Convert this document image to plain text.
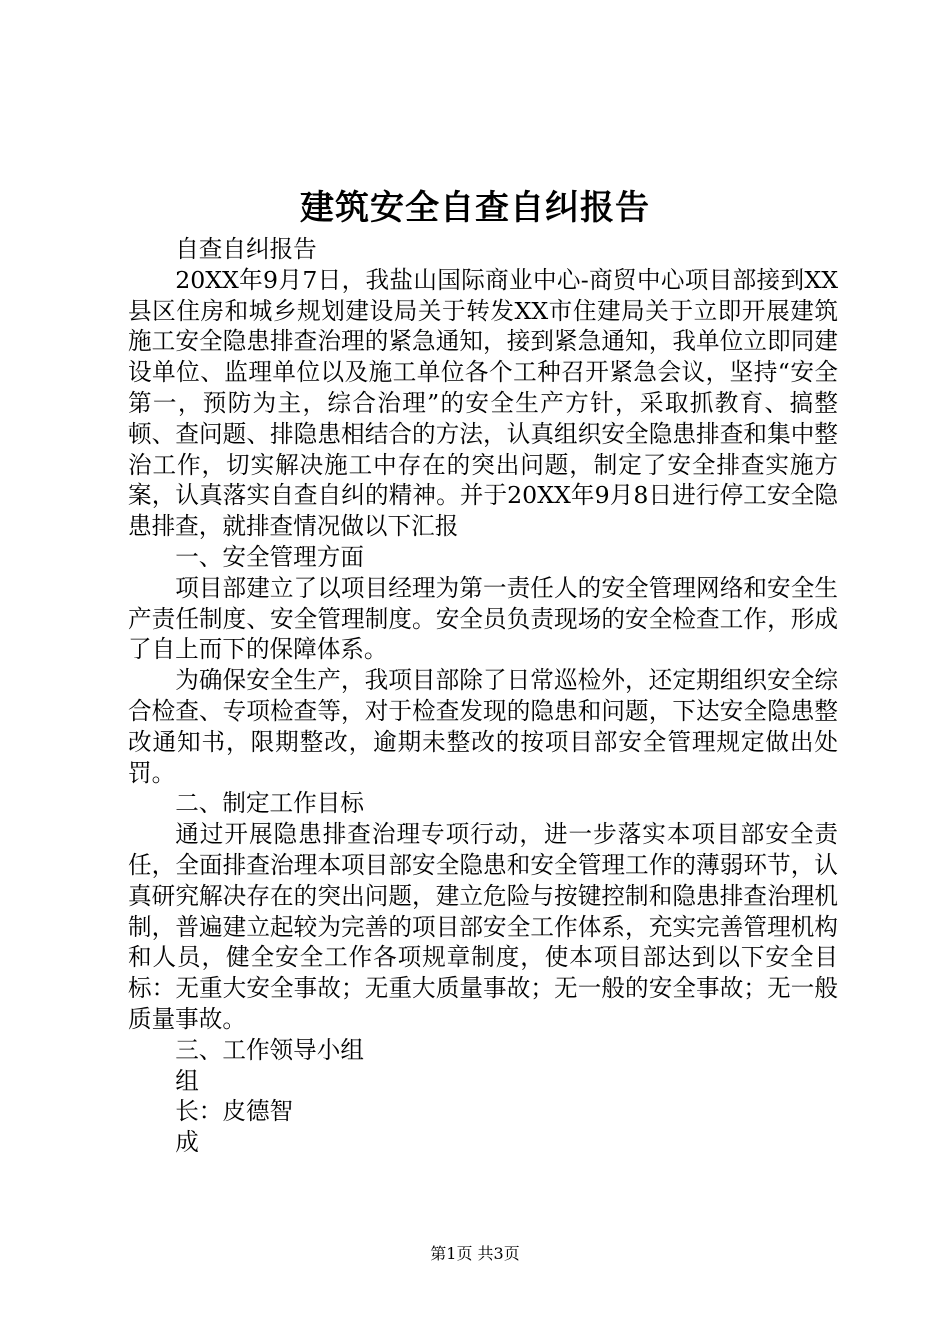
建筑安全自查自纠报告

自查自纠报告

20XX年9月7日，我盐山国际商业中心-商贸中心项目部接到XX县区住房和城乡规划建设局关于转发XX市住建局关于立即开展建筑施工安全隐患排查治理的紧急通知，接到紧急通知，我单位立即同建设单位、监理单位以及施工单位各个工种召开紧急会议，坚持“安全第一，预防为主，综合治理”的安全生产方针，采取抓教育、搞整顿、查问题、排隐患相结合的方法，认真组织安全隐患排查和集中整治工作，切实解决施工中存在的突出问题，制定了安全排查实施方案，认真落实自查自纠的精神。并于20XX年9月8日进行停工安全隐患排查，就排查情况做以下汇报

一、安全管理方面

项目部建立了以项目经理为第一责任人的安全管理网络和安全生产责任制度、安全管理制度。安全员负责现场的安全检查工作，形成了自上而下的保障体系。

为确保安全生产，我项目部除了日常巡检外，还定期组织安全综合检查、专项检查等，对于检查发现的隐患和问题，下达安全隐患整改通知书，限期整改，逾期未整改的按项目部安全管理规定做出处罚。

二、制定工作目标

通过开展隐患排查治理专项行动，进一步落实本项目部安全责任，全面排查治理本项目部安全隐患和安全管理工作的薄弱环节，认真研究解决存在的突出问题，建立危险与按键控制和隐患排查治理机制，普遍建立起较为完善的项目部安全工作体系，充实完善管理机构和人员，健全安全工作各项规章制度，使本项目部达到以下安全目标：无重大安全事故；无重大质量事故；无一般的安全事故；无一般质量事故。

三、工作领导小组

组

长：皮德智

成

第1页 共3页
